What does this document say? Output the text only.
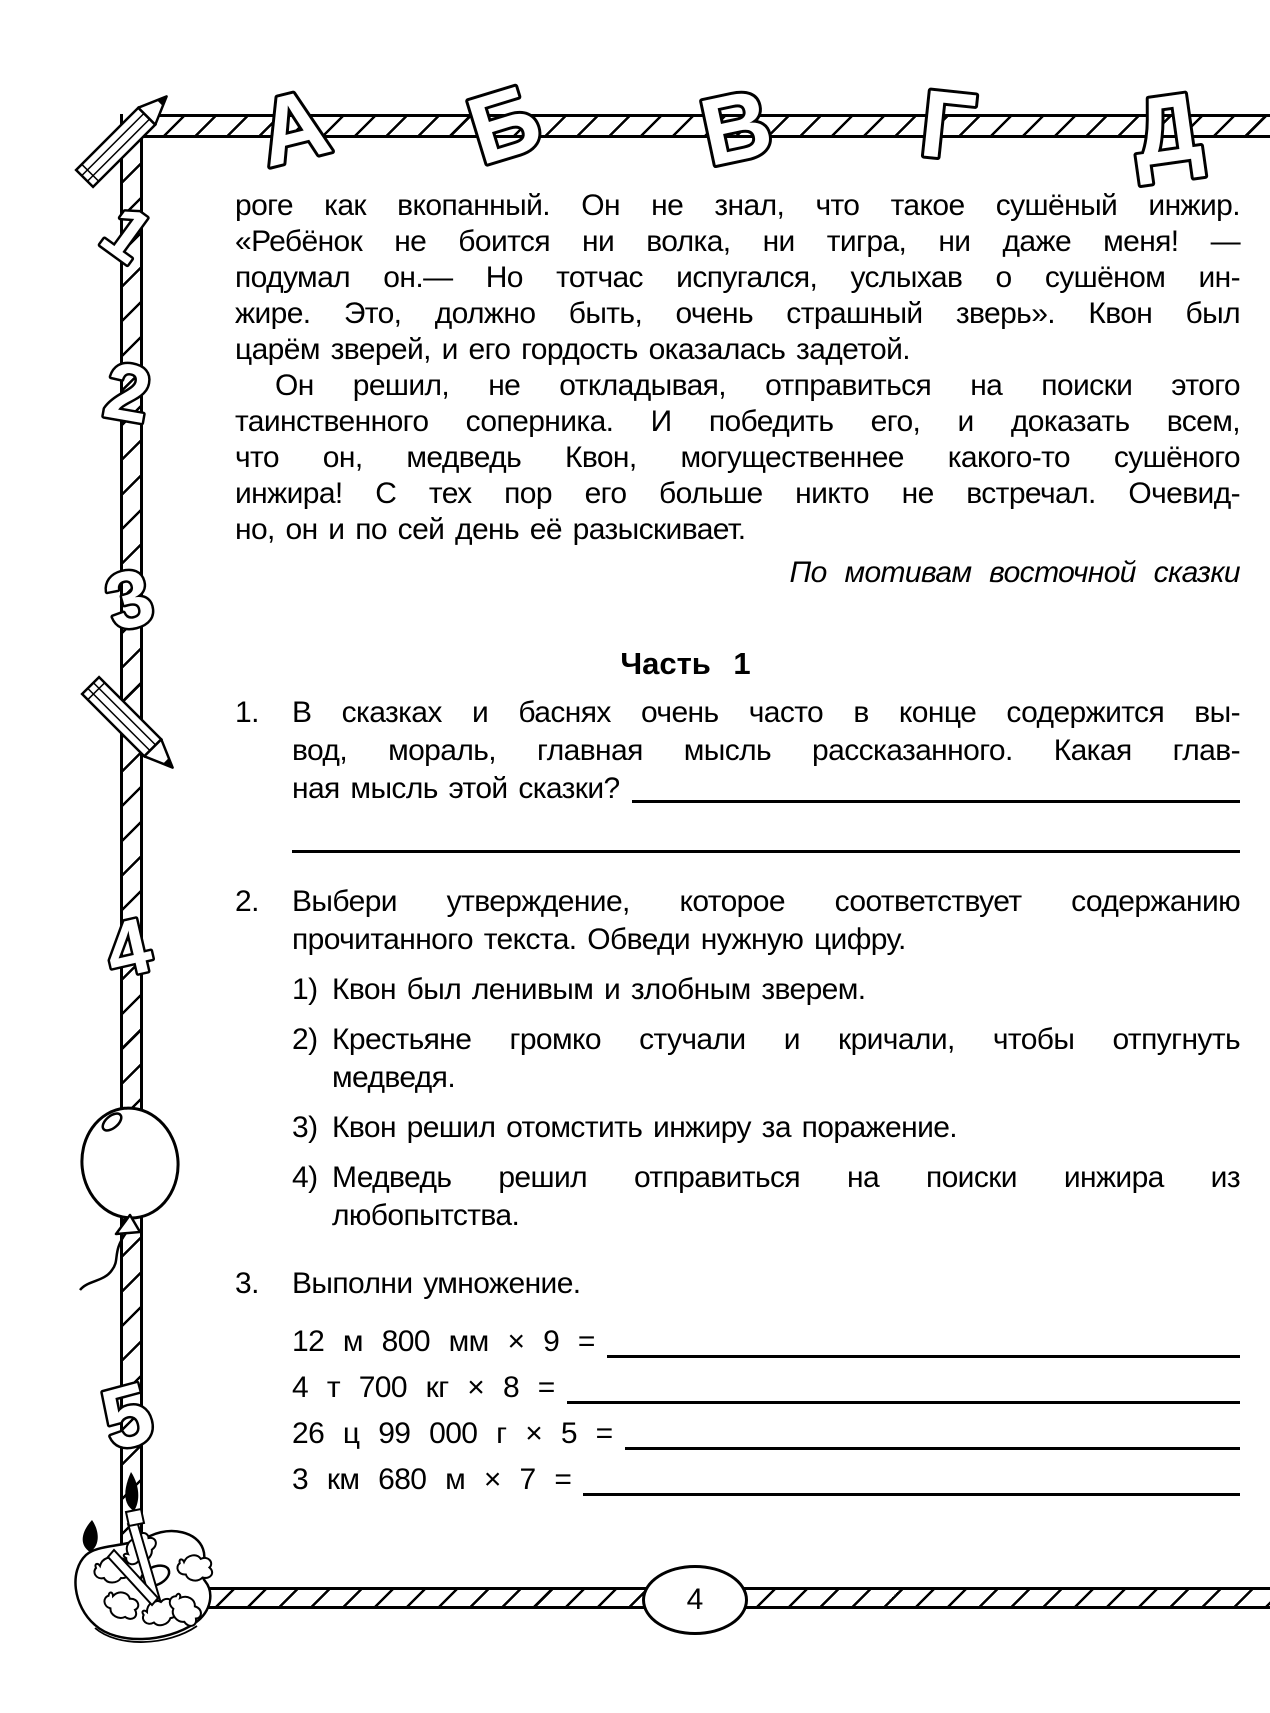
А Б В Г Д
1
2
3
4
5
4
роге как вкопанный. Он не знал, что такое сушёный инжир.
«Ребёнок не боится ни волка, ни тигра, ни даже меня! —
подумал он.— Но тотчас испугался, услыхав о сушёном ин-
жире. Это, должно быть, очень страшный зверь». Квон был
царём зверей, и его гордость оказалась задетой.
Он решил, не откладывая, отправиться на поиски этого
таинственного соперника. И победить его, и доказать всем,
что он, медведь Квон, могущественнее какого-то сушёного
инжира! С тех пор его больше никто не встречал. Очевид-
но, он и по сей день её разыскивает.
По мотивам восточной сказки
Часть 1
1.	В сказках и баснях очень часто в конце содержится вы-
вод, мораль, главная мысль рассказанного. Какая глав-
ная мысль этой сказки?
2.	Выбери утверждение, которое соответствует содержанию
прочитанного текста. Обведи нужную цифру.
1) Квон был ленивым и злобным зверем.
2) Крестьяне громко стучали и кричали, чтобы отпугнуть
медведя.
3) Квон решил отомстить инжиру за поражение.
4) Медведь решил отправиться на поиски инжира из
любопытства.
3.	Выполни умножение.
12 м 800 мм × 9 =
4 т 700 кг × 8 =
26 ц 99 000 г × 5 =
3 км 680 м × 7 =
